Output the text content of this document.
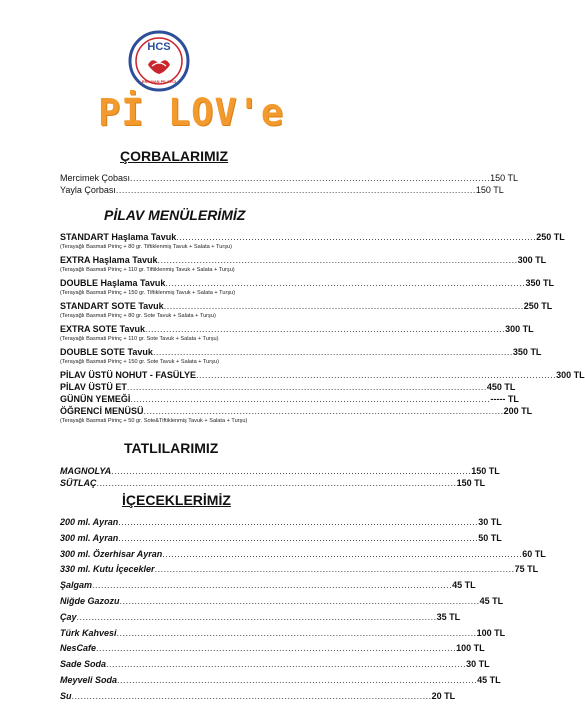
HCS
ERAMAN PİLAVCI
Pİ LOV'e
ÇORBALARIMIZ
Mercimek Çobası ........................................................................................................................ 150 TL
Yayla Çorbası ........................................................................................................................ 150 TL
PİLAV MENÜLERİMİZ
STANDART Haşlama Tavuk ........................................................................................................................ 250 TL
(Terayağlı Basmati Pirinç + 80 gr. Tiftiklenmiş Tavuk + Salata + Turşu)
EXTRA Haşlama Tavuk ........................................................................................................................ 300 TL
(Terayağlı Basmati Pirinç + 110 gr. Tiftiklenmiş Tavuk + Salata + Turşu)
DOUBLE Haşlama Tavuk ........................................................................................................................ 350 TL
(Terayağlı Basmati Pirinç + 150 gr. Tiftiklenmiş Tavuk + Salata + Turşu)
STANDART SOTE Tavuk ........................................................................................................................ 250 TL
(Terayağlı Basmati Pirinç + 80 gr. Sote Tavuk + Salata + Turşu)
EXTRA SOTE Tavuk ........................................................................................................................ 300 TL
(Terayağlı Basmati Pirinç + 110 gr. Sote Tavuk + Salata + Turşu)
DOUBLE SOTE Tavuk ........................................................................................................................ 350 TL
(Terayağlı Basmati Pirinç + 150 gr. Sote Tavuk + Salata + Turşu)
PİLAV ÜSTÜ NOHUT - FASÜLYE ........................................................................................................................ 300 TL
PİLAV ÜSTÜ ET ........................................................................................................................ 450 TL
GÜNÜN YEMEĞİ ........................................................................................................................ ----- TL
ÖĞRENCİ MENÜSÜ ........................................................................................................................ 200 TL
(Terayağlı Basmati Pirinç + 50 gr. Sote&Tiftiklenmiş Tavuk + Salata + Turşu)
TATLILARIMIZ
MAGNOLYA ........................................................................................................................ 150 TL
SÜTLAÇ ........................................................................................................................ 150 TL
İÇECEKLERİMİZ
200 ml. Ayran ........................................................................................................................ 30 TL
300 ml. Ayran ........................................................................................................................ 50 TL
300 ml. Özerhisar Ayran ........................................................................................................................ 60 TL
330 ml. Kutu İçecekler ........................................................................................................................ 75 TL
Şalgam ........................................................................................................................ 45 TL
Niğde Gazozu ........................................................................................................................ 45 TL
Çay ........................................................................................................................ 35 TL
Türk Kahvesi ........................................................................................................................ 100 TL
NesCafe ........................................................................................................................ 100 TL
Sade Soda ........................................................................................................................ 30 TL
Meyveli Soda ........................................................................................................................ 45 TL
Su ........................................................................................................................ 20 TL
